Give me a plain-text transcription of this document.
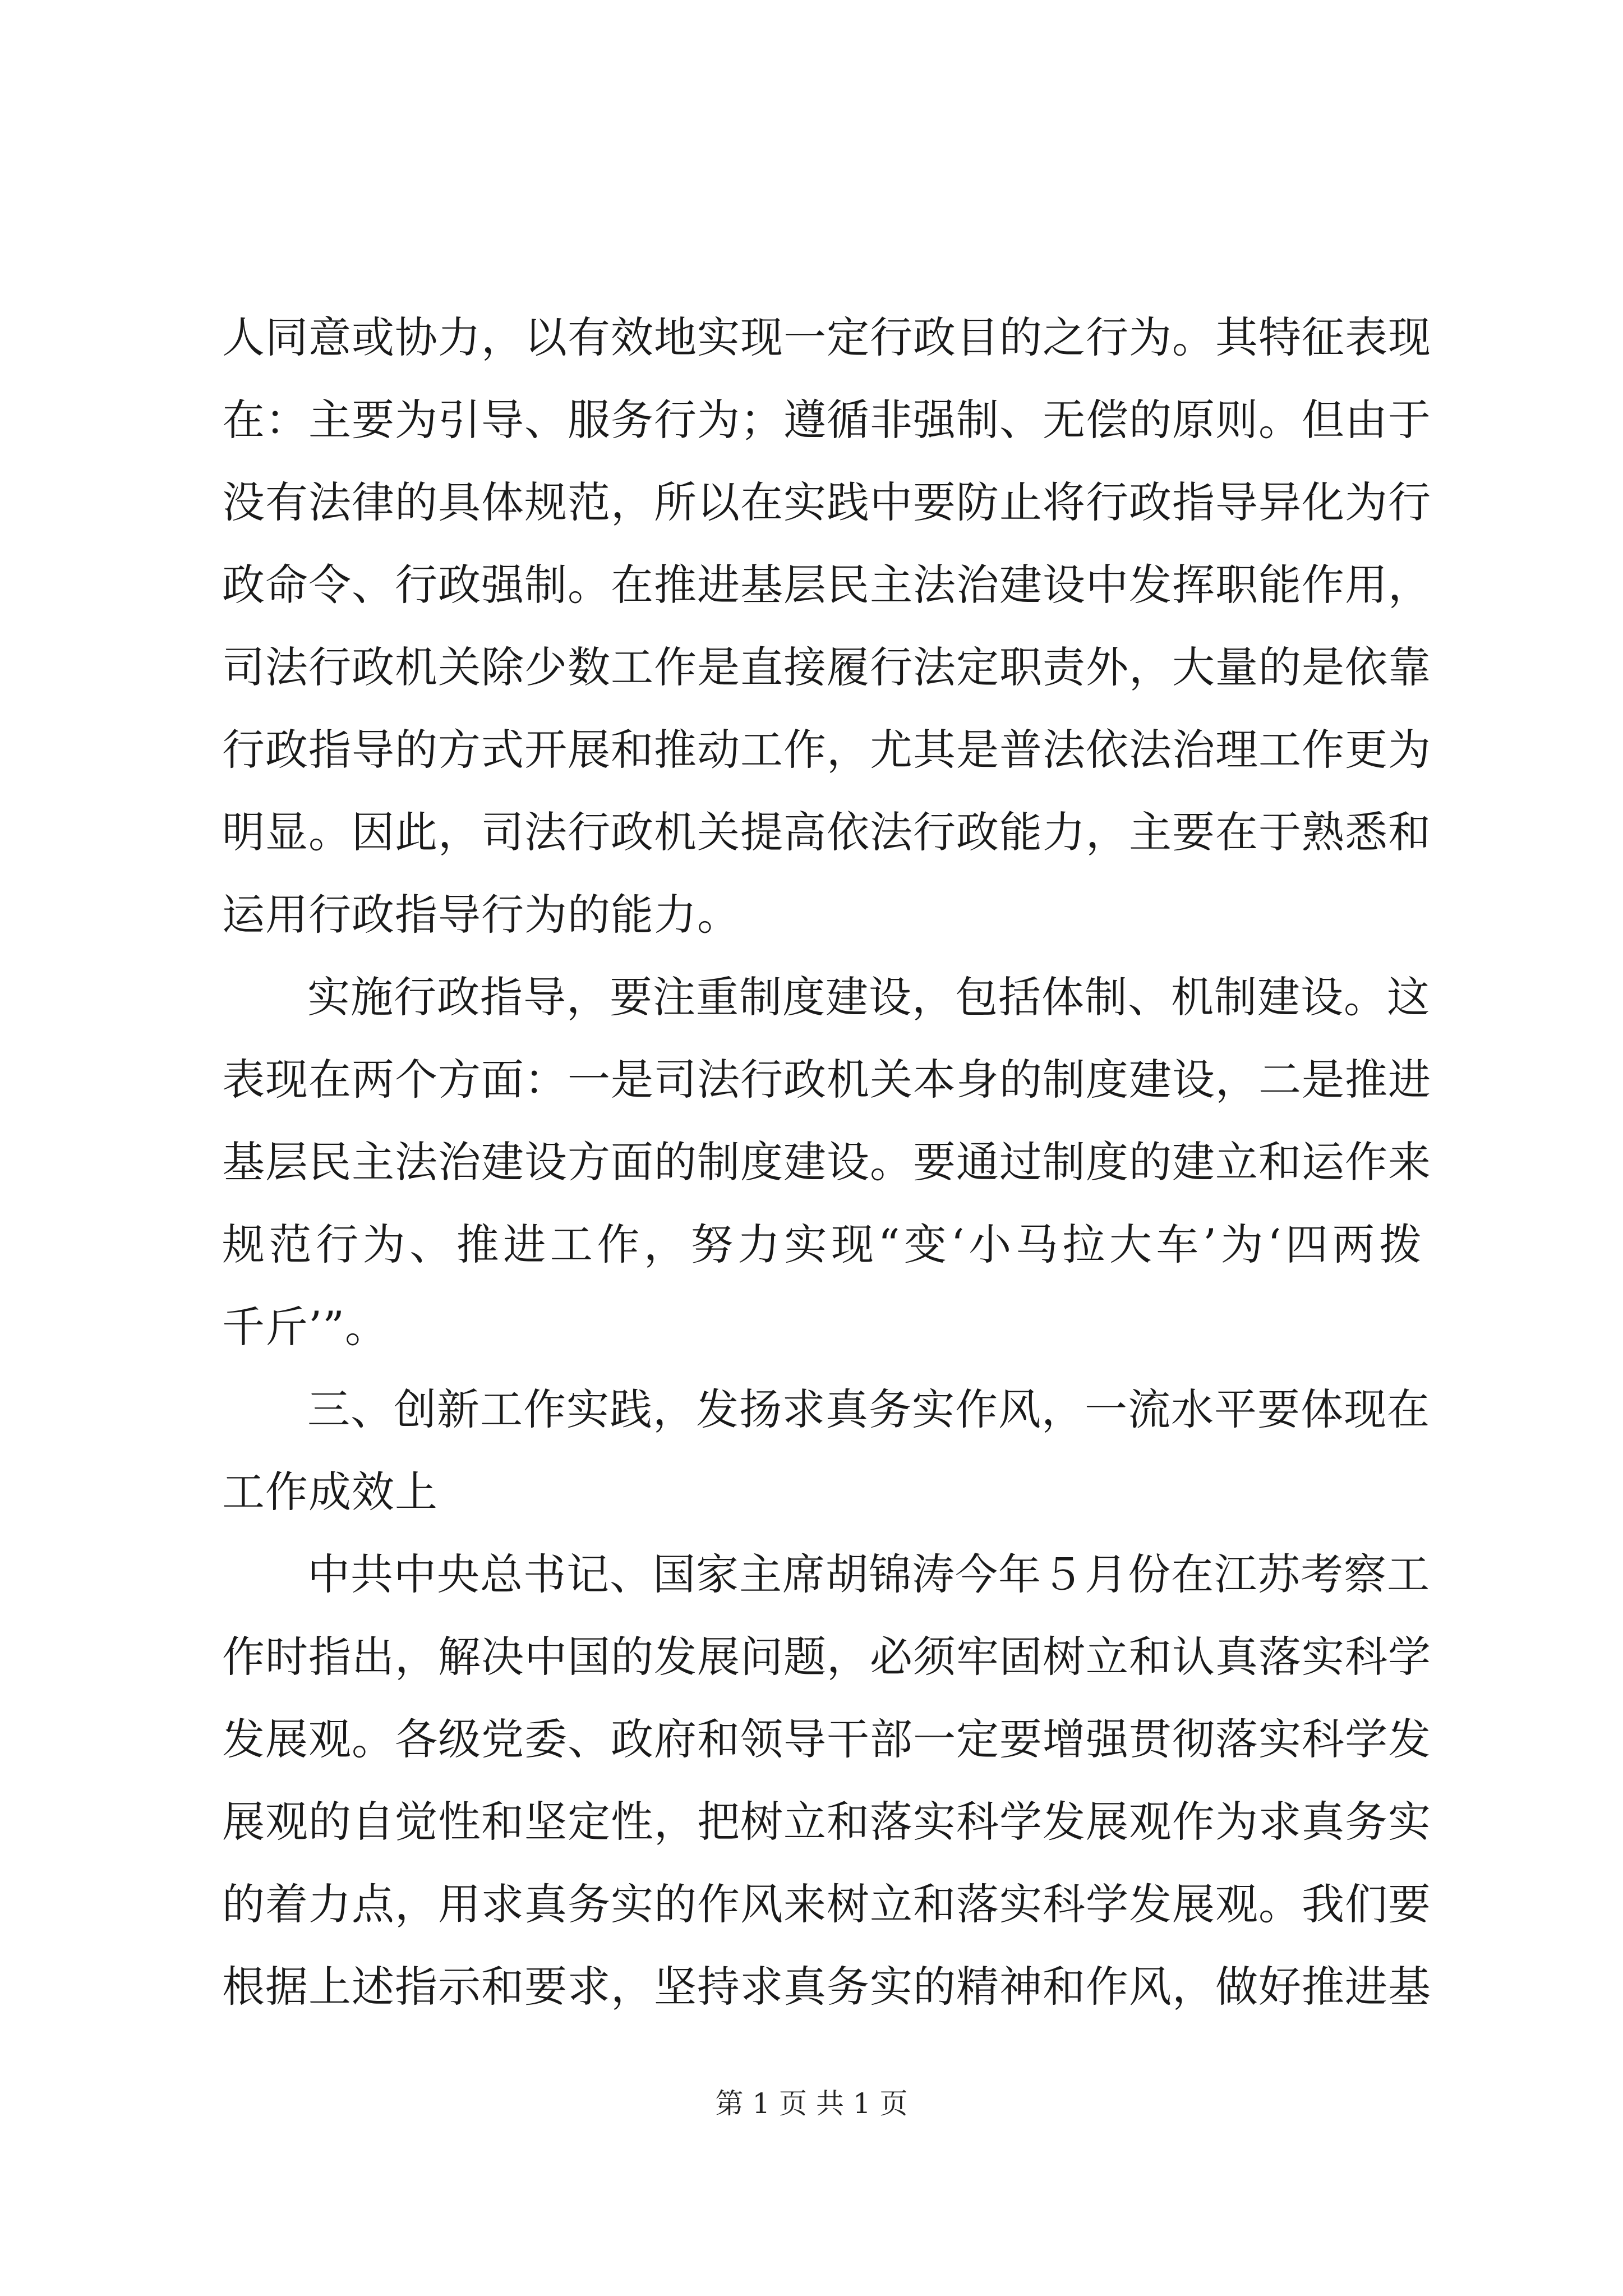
人同意或协力，以有效地实现一定行政目的之行为。其特征表现
在：主要为引导、服务行为；遵循非强制、无偿的原则。但由于
没有法律的具体规范，所以在实践中要防止将行政指导异化为行
政命令、行政强制。在推进基层民主法治建设中发挥职能作用，
司法行政机关除少数工作是直接履行法定职责外，大量的是依靠
行政指导的方式开展和推动工作，尤其是普法依法治理工作更为
明显。因此，司法行政机关提高依法行政能力，主要在于熟悉和
运用行政指导行为的能力。
实施行政指导，要注重制度建设，包括体制、机制建设。这
表现在两个方面：一是司法行政机关本身的制度建设，二是推进
基层民主法治建设方面的制度建设。要通过制度的建立和运作来
规范行为、推进工作，努力实现“变‘小马拉大车’为‘四两拨
千斤’”。
三、创新工作实践，发扬求真务实作风，一流水平要体现在
工作成效上
中共中央总书记、国家主席胡锦涛今年５月份在江苏考察工
作时指出，解决中国的发展问题，必须牢固树立和认真落实科学
发展观。各级党委、政府和领导干部一定要增强贯彻落实科学发
展观的自觉性和坚定性，把树立和落实科学发展观作为求真务实
的着力点，用求真务实的作风来树立和落实科学发展观。我们要
根据上述指示和要求，坚持求真务实的精神和作风，做好推进基
第 1 页 共 1 页
